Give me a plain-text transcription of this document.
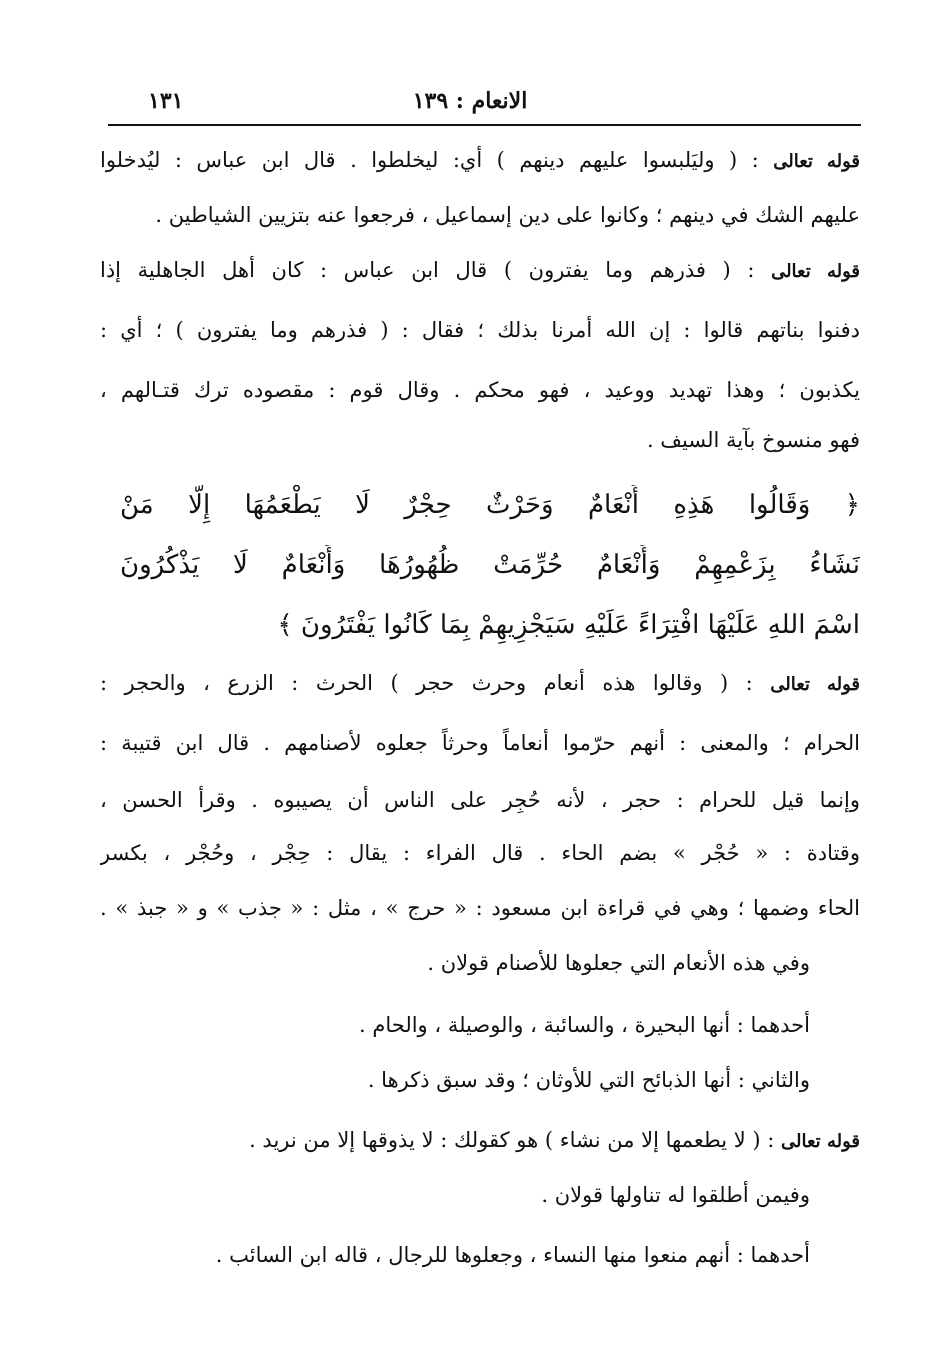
١٣١	الانعام : ١٣٩
قوله تعالى : ( وليَلبسوا عليهم دينهم ) أي: ليخلطوا . قال ابن عباس : ليُدخلوا
عليهم الشك في دينهم ؛ وكانوا على دين إسماعيل ، فرجعوا عنه بتزيين الشياطين .
قوله تعالى : ( فذرهم وما يفترون ) قال ابن عباس : كان أهل الجاهلية إذا
دفنوا بناتهم قالوا : إن الله أمرنا بذلك ؛ فقال : ( فذرهم وما يفترون ) ؛ أي :
يكذبون ؛ وهذا تهديد ووعيد ، فهو محكم . وقال قوم : مقصوده ترك قتـالهم ،
فهو منسوخ بآية السيف .
﴿ وَقَالُوا هَذِهِ أَنْعَامٌ وَحَرْثٌ حِجْرٌ لَا يَطْعَمُهَا إِلَّا مَنْ
نَشَاءُ بِزَعْمِهِمْ وَأَنْعَامٌ حُرِّمَتْ ظُهُورُهَا وَأَنْعَامٌ لَا يَذْكُرُونَ
اسْمَ اللهِ عَلَيْهَا افْتِرَاءً عَلَيْهِ سَيَجْزِيهِمْ بِمَا كَانُوا يَفْتَرُونَ ﴾
قوله تعالى : ( وقالوا هذه أنعام وحرث حجر ) الحرث : الزرع ، والحجر :
الحرام ؛ والمعنى : أنهم حرّموا أنعاماً وحرثاً جعلوه لأصنامهم . قال ابن قتيبة :
وإنما قيل للحرام : حجر ، لأنه حُجِر على الناس أن يصيبوه . وقرأ الحسن ،
وقتادة : « حُجْر » بضم الحاء . قال الفراء : يقال : حِجْر ، وحُجْر ، بكسر
الحاء وضمها ؛ وهي في قراءة ابن مسعود : « حرج » ، مثل : « جذب » و « جبذ » .
وفي هذه الأنعام التي جعلوها للأصنام قولان .
أحدهما : أنها البحيرة ، والسائبة ، والوصيلة ، والحام .
والثاني : أنها الذبائح التي للأوثان ؛ وقد سبق ذكرها .
قوله تعالى : ( لا يطعمها إلا من نشاء ) هو كقولك : لا يذوقها إلا من نريد .
وفيمن أطلقوا له تناولها قولان .
أحدهما : أنهم منعوا منها النساء ، وجعلوها للرجال ، قاله ابن السائب .
